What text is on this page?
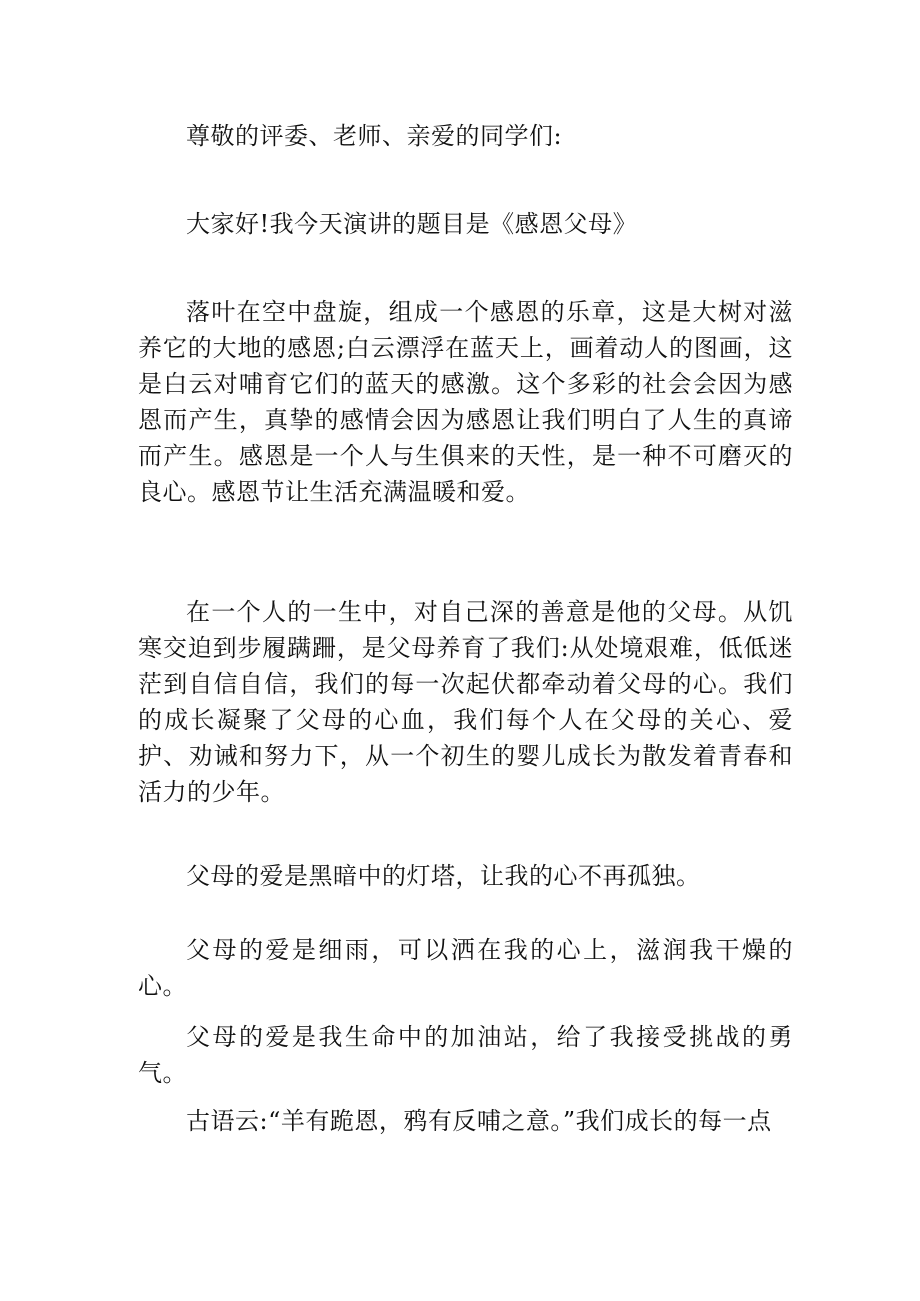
尊敬的评委、老师、亲爱的同学们:

大家好!我今天演讲的题目是《感恩父母》

落叶在空中盘旋，组成一个感恩的乐章，这是大树对滋养它的大地的感恩;白云漂浮在蓝天上，画着动人的图画，这是白云对哺育它们的蓝天的感激。这个多彩的社会会因为感恩而产生，真挚的感情会因为感恩让我们明白了人生的真谛而产生。感恩是一个人与生俱来的天性，是一种不可磨灭的良心。感恩节让生活充满温暖和爱。

在一个人的一生中，对自己深的善意是他的父母。从饥寒交迫到步履蹒跚，是父母养育了我们:从处境艰难，低低迷茫到自信自信，我们的每一次起伏都牵动着父母的心。我们的成长凝聚了父母的心血，我们每个人在父母的关心、爱护、劝诫和努力下，从一个初生的婴儿成长为散发着青春和活力的少年。

父母的爱是黑暗中的灯塔，让我的心不再孤独。

父母的爱是细雨，可以洒在我的心上，滋润我干燥的心。

父母的爱是我生命中的加油站，给了我接受挑战的勇气。

古语云:“羊有跪恩，鸦有反哺之意。”我们成长的每一点
